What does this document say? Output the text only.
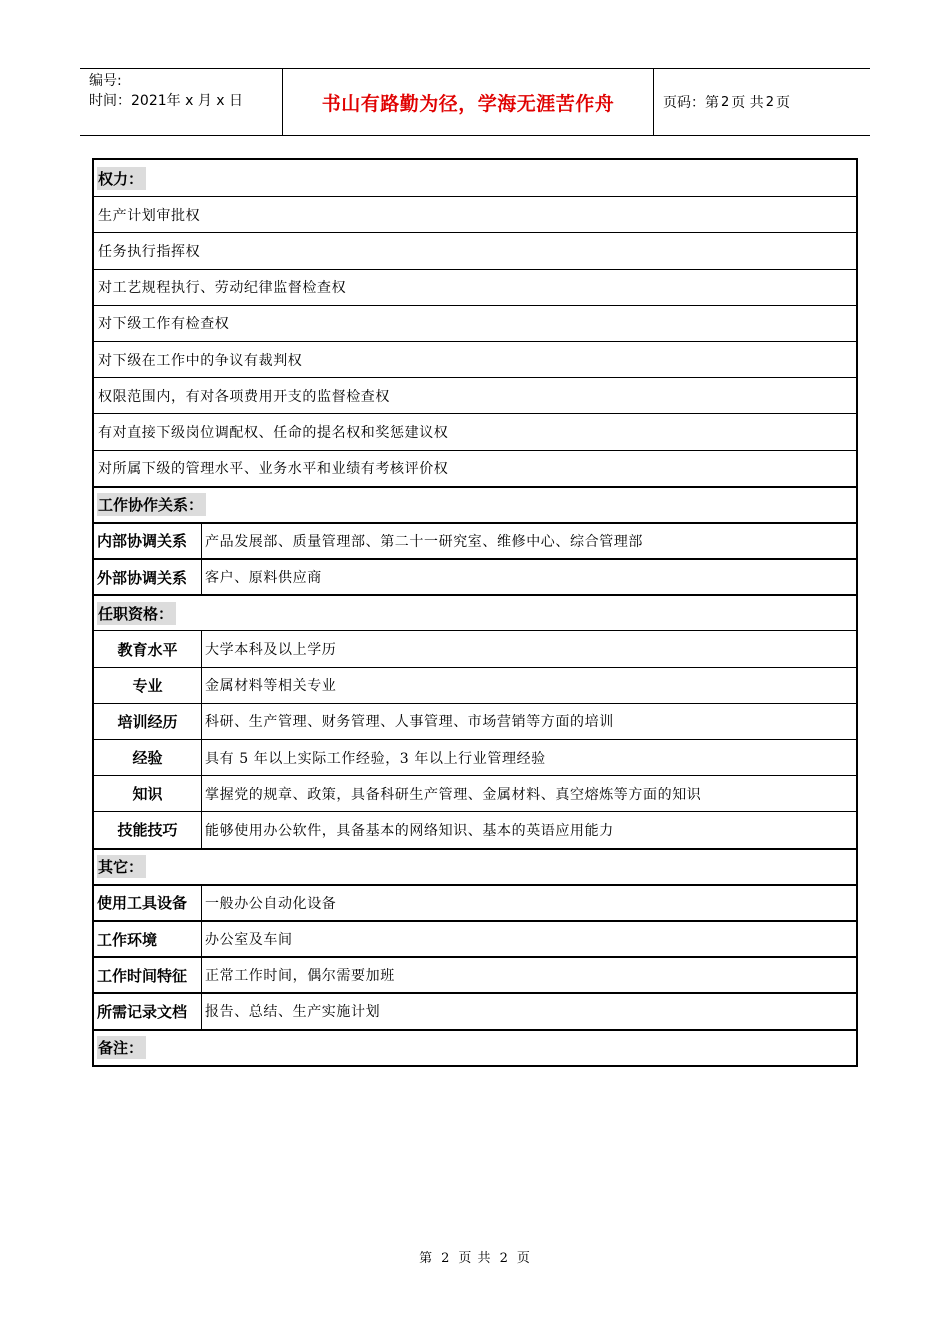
编号:
时间：2021年 x 月 x 日	书山有路勤为径，学海无涯苦作舟	页码：第 2 页 共 2 页
权力：
生产计划审批权
任务执行指挥权
对工艺规程执行、劳动纪律监督检查权
对下级工作有检查权
对下级在工作中的争议有裁判权
权限范围内，有对各项费用开支的监督检查权
有对直接下级岗位调配权、任命的提名权和奖惩建议权
对所属下级的管理水平、业务水平和业绩有考核评价权
工作协作关系：
内部协调关系	产品发展部、质量管理部、第二十一研究室、维修中心、综合管理部
外部协调关系	客户、原料供应商
任职资格：
教育水平	大学本科及以上学历
专业	金属材料等相关专业
培训经历	科研、生产管理、财务管理、人事管理、市场营销等方面的培训
经验	具有 5 年以上实际工作经验，3 年以上行业管理经验
知识	掌握党的规章、政策，具备科研生产管理、金属材料、真空熔炼等方面的知识
技能技巧	能够使用办公软件，具备基本的网络知识、基本的英语应用能力
其它：
使用工具设备	一般办公自动化设备
工作环境	办公室及车间
工作时间特征	正常工作时间，偶尔需要加班
所需记录文档	报告、总结、生产实施计划
备注：
第 2 页 共 2 页
